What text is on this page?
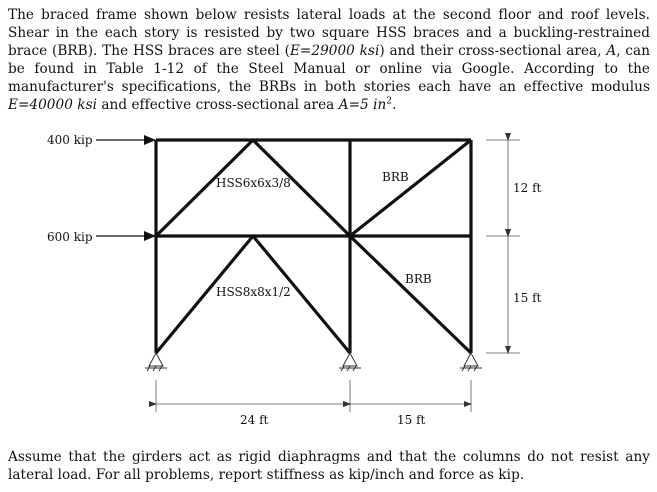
The braced frame shown below resists lateral loads at the second floor and roof levels. Shear in the each story is resisted by two square HSS braces and a buckling-restrained brace (BRB). The HSS braces are steel (E=29000 ksi) and their cross-sectional area, A, can be found in Table 1-12 of the Steel Manual or online via Google. According to the manufacturer's specifications, the BRBs in both stories each have an effective modulus E=40000 ksi and effective cross-sectional area A=5 $in^2$.
400 kip
600 kip
HSS6x6x3/8
HSS8x8x1/2
BRB
BRB
12 ft
15 ft
24 ft	15 ft
Assume that the girders act as rigid diaphragms and that the columns do not resist any lateral load. For all problems, report stiffness as kip/inch and force as kip.
